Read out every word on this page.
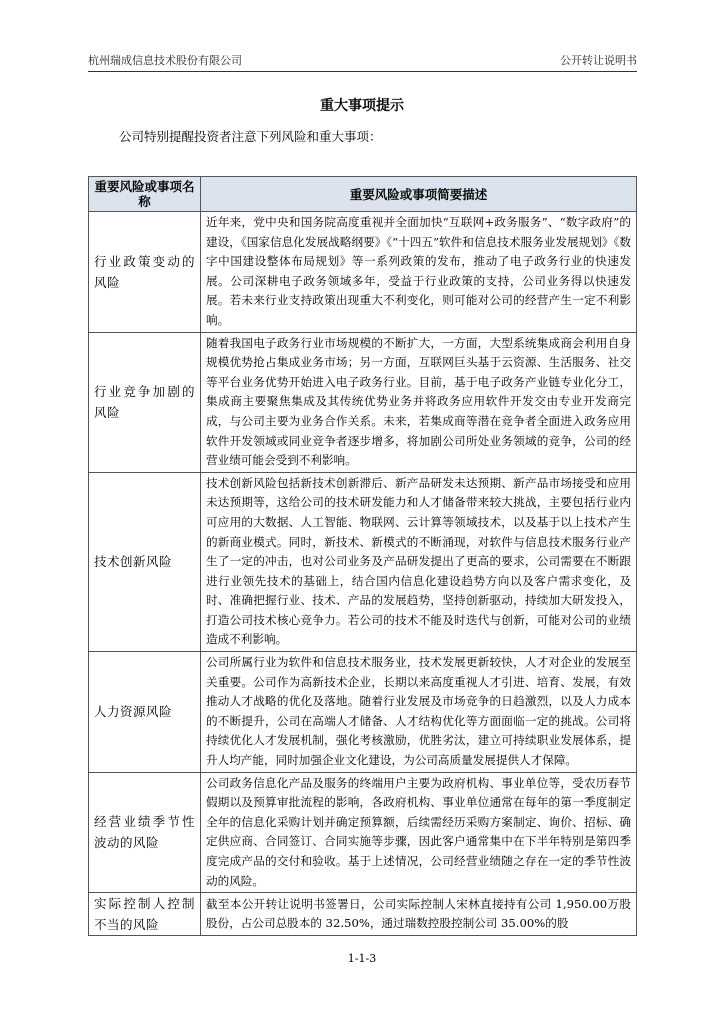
杭州瑞成信息技术股份有限公司	公开转让说明书
重大事项提示
公司特别提醒投资者注意下列风险和重大事项：
重要风险或事项名称	重要风险或事项简要描述
行业政策变动的风险	近年来，党中央和国务院高度重视并全面加快“互联网+政务服务”、“数字政府”的建设，《国家信息化发展战略纲要》《“十四五”软件和信息技术服务业发展规划》《数字中国建设整体布局规划》等一系列政策的发布，推动了电子政务行业的快速发展。公司深耕电子政务领域多年，受益于行业政策的支持，公司业务得以快速发展。若未来行业支持政策出现重大不利变化，则可能对公司的经营产生一定不利影响。
行业竞争加剧的风险	随着我国电子政务行业市场规模的不断扩大，一方面，大型系统集成商会利用自身规模优势抢占集成业务市场；另一方面，互联网巨头基于云资源、生活服务、社交等平台业务优势开始进入电子政务行业。目前，基于电子政务产业链专业化分工，集成商主要聚焦集成及其传统优势业务并将政务应用软件开发交由专业开发商完成，与公司主要为业务合作关系。未来，若集成商等潜在竞争者全面进入政务应用软件开发领域或同业竞争者逐步增多，将加剧公司所处业务领域的竞争，公司的经营业绩可能会受到不利影响。
技术创新风险	技术创新风险包括新技术创新滞后、新产品研发未达预期、新产品市场接受和应用未达预期等，这给公司的技术研发能力和人才储备带来较大挑战，主要包括行业内可应用的大数据、人工智能、物联网、云计算等领域技术，以及基于以上技术产生的新商业模式。同时，新技术、新模式的不断涌现，对软件与信息技术服务行业产生了一定的冲击，也对公司业务及产品研发提出了更高的要求，公司需要在不断跟进行业领先技术的基础上，结合国内信息化建设趋势方向以及客户需求变化，及时、准确把握行业、技术、产品的发展趋势，坚持创新驱动，持续加大研发投入，打造公司技术核心竞争力。若公司的技术不能及时迭代与创新，可能对公司的业绩造成不利影响。
人力资源风险	公司所属行业为软件和信息技术服务业，技术发展更新较快，人才对企业的发展至关重要。公司作为高新技术企业，长期以来高度重视人才引进、培育、发展，有效推动人才战略的优化及落地。随着行业发展及市场竞争的日趋激烈，以及人力成本的不断提升，公司在高端人才储备、人才结构优化等方面面临一定的挑战。公司将持续优化人才发展机制，强化考核激励，优胜劣汰，建立可持续职业发展体系，提升人均产能，同时加强企业文化建设，为公司高质量发展提供人才保障。
经营业绩季节性波动的风险	公司政务信息化产品及服务的终端用户主要为政府机构、事业单位等，受农历春节假期以及预算审批流程的影响，各政府机构、事业单位通常在每年的第一季度制定全年的信息化采购计划并确定预算额，后续需经历采购方案制定、询价、招标、确定供应商、合同签订、合同实施等步骤，因此客户通常集中在下半年特别是第四季度完成产品的交付和验收。基于上述情况，公司经营业绩随之存在一定的季节性波动的风险。
实际控制人控制不当的风险	截至本公开转让说明书签署日，公司实际控制人宋林直接持有公司 1,950.00万股股份，占公司总股本的 32.50%，通过瑞数控股控制公司 35.00%的股
1-1-3
